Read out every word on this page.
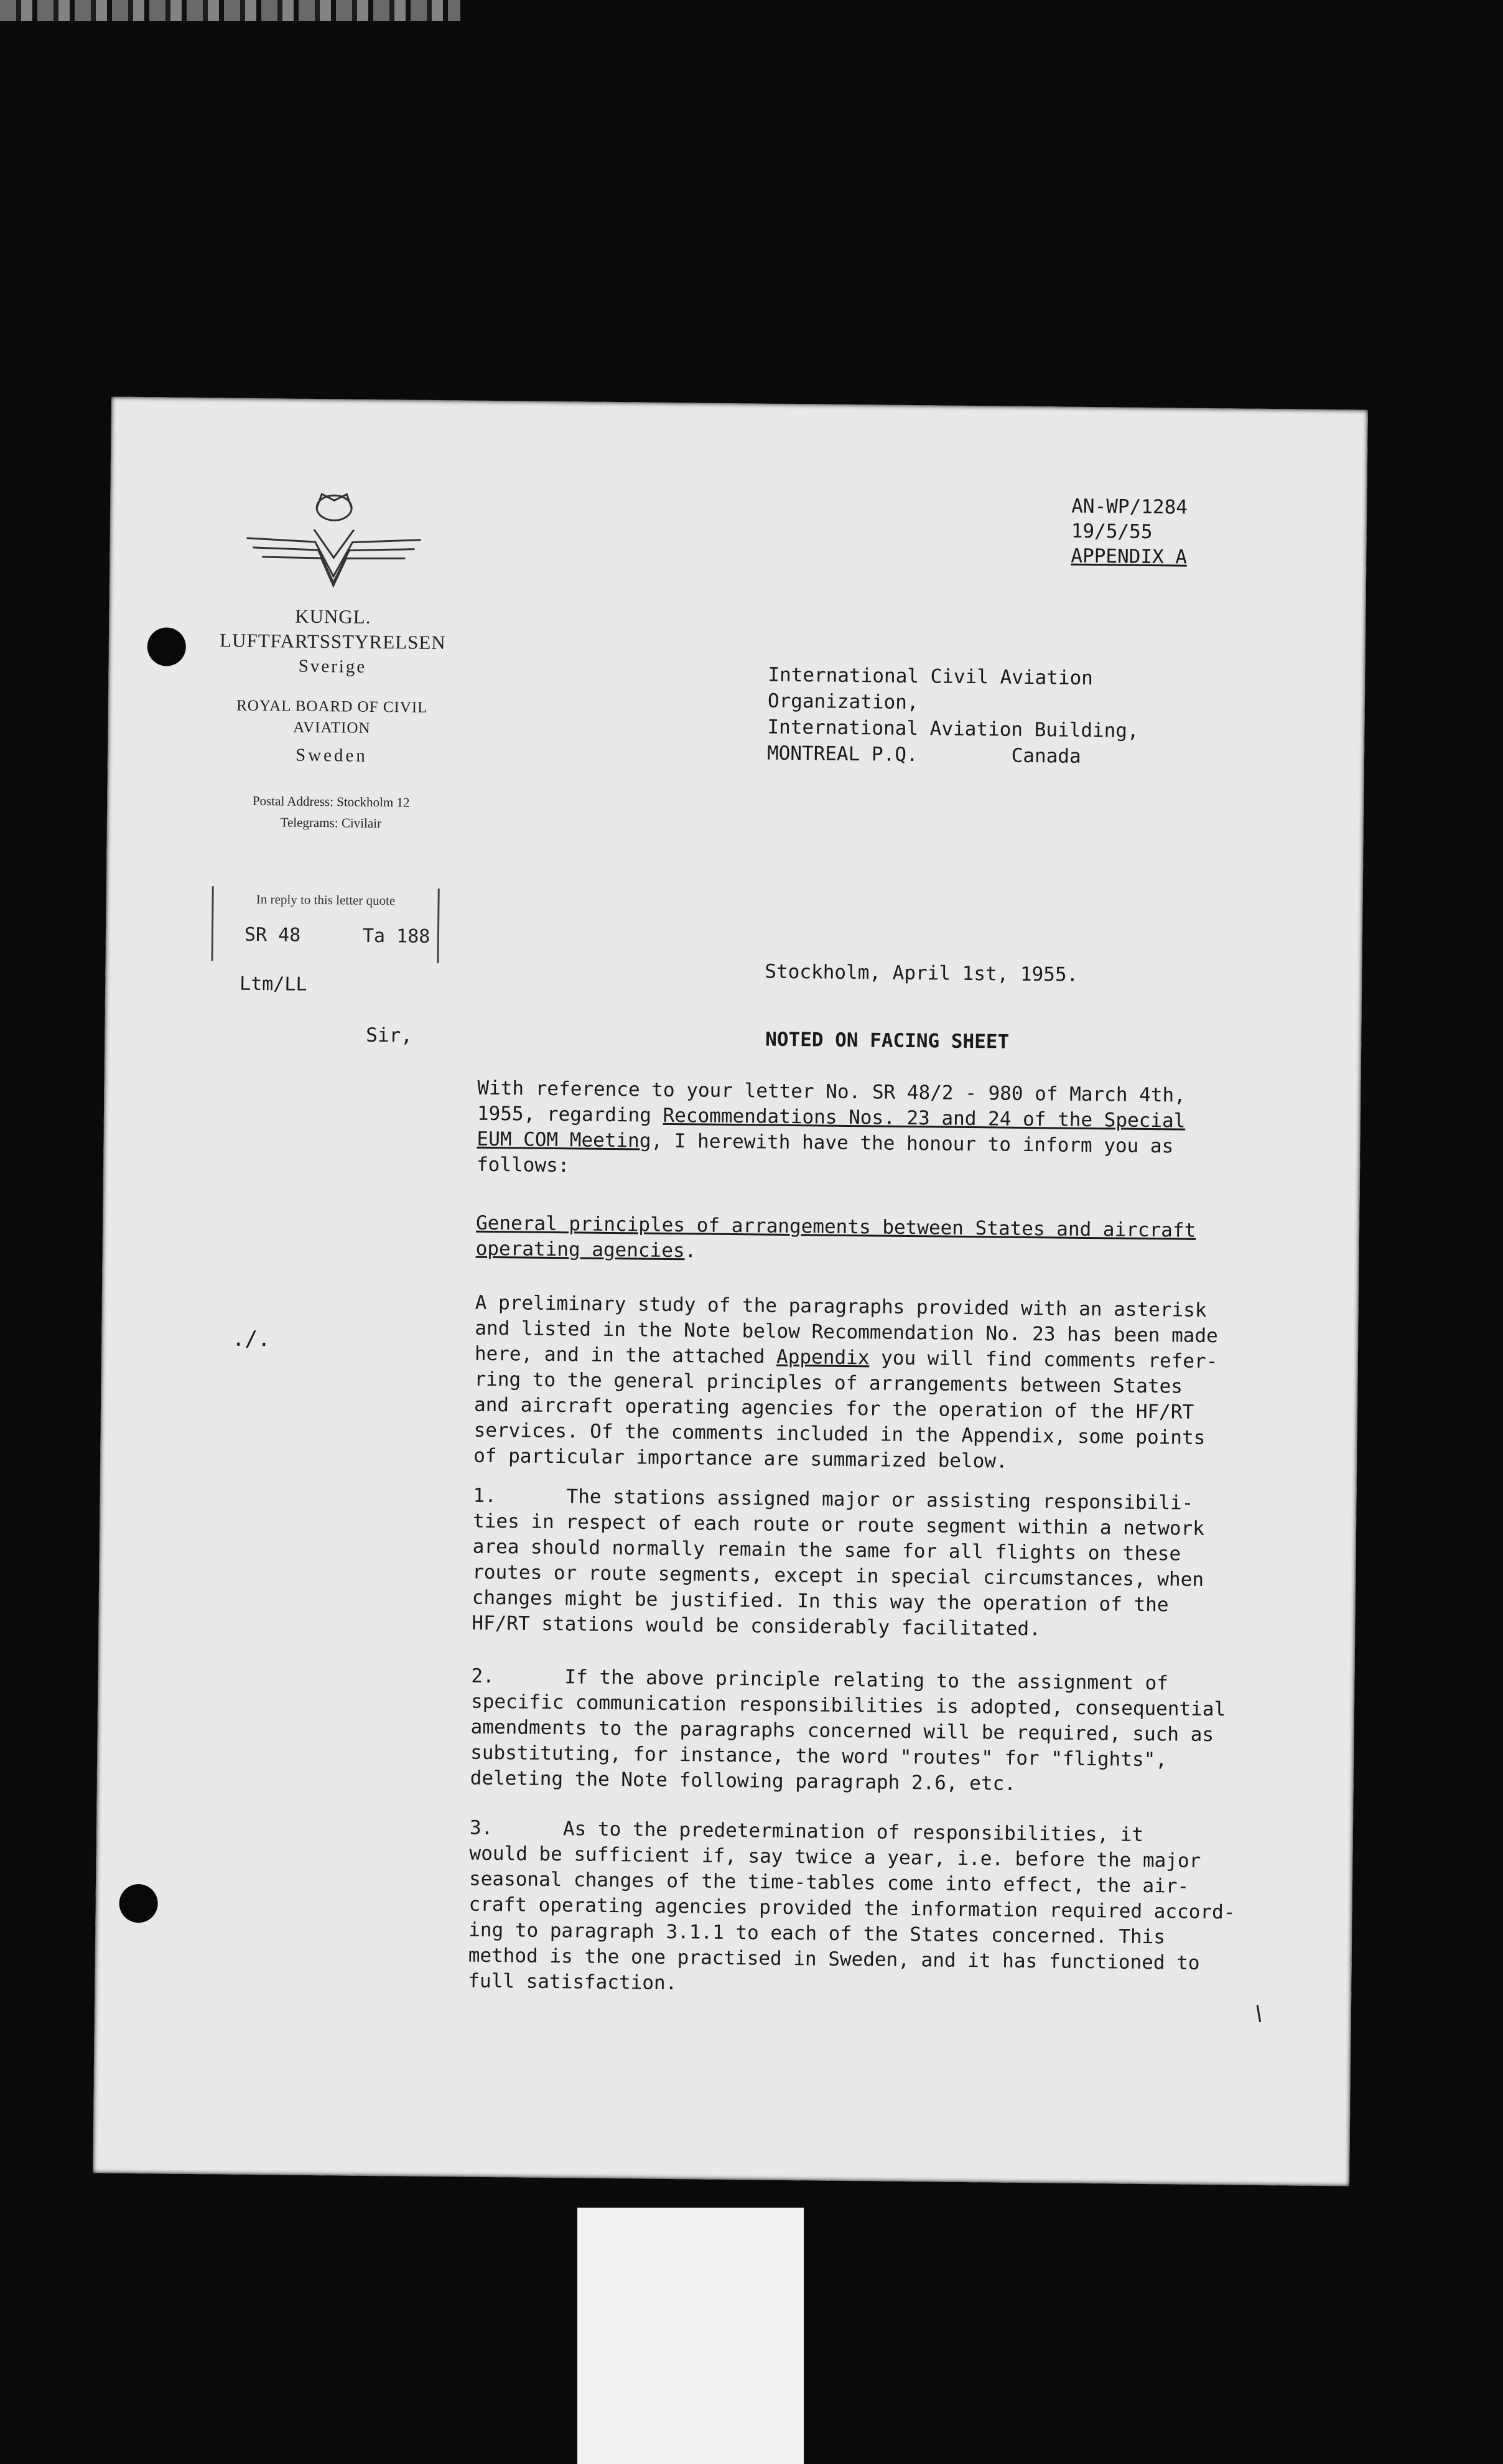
KUNGL.
LUFTFARTSSTYRELSEN
Sverige
ROYAL BOARD OF CIVIL
AVIATION
Sweden
Postal Address: Stockholm 12
Telegrams: Civilair
In reply to this letter quote
SR 48	Ta 188
Ltm/LL
AN-WP/1284
19/5/55
APPENDIX A
International Civil Aviation
Organization,
International Aviation Building,
MONTREAL P.Q.	Canada
Stockholm, April 1st, 1955.
Sir,	NOTED ON FACING SHEET
./.
With reference to your letter No. SR 48/2 - 980 of March 4th,
1955, regarding Recommendations Nos. 23 and 24 of the Special
EUM COM Meeting, I herewith have the honour to inform you as
follows:
General principles of arrangements between States and aircraft
operating agencies.
A preliminary study of the paragraphs provided with an asterisk
and listed in the Note below Recommendation No. 23 has been made
here, and in the attached Appendix you will find comments refer-
ring to the general principles of arrangements between States
and aircraft operating agencies for the operation of the HF/RT
services. Of the comments included in the Appendix, some points
of particular importance are summarized below.
1.	The stations assigned major or assisting responsibili-
ties in respect of each route or route segment within a network
area should normally remain the same for all flights on these
routes or route segments, except in special circumstances, when
changes might be justified. In this way the operation of the
HF/RT stations would be considerably facilitated.
2.	If the above principle relating to the assignment of
specific communication responsibilities is adopted, consequential
amendments to the paragraphs concerned will be required, such as
substituting, for instance, the word "routes" for "flights",
deleting the Note following paragraph 2.6, etc.
3.	As to the predetermination of responsibilities, it
would be sufficient if, say twice a year, i.e. before the major
seasonal changes of the time-tables come into effect, the air-
craft operating agencies provided the information required accord-
ing to paragraph 3.1.1 to each of the States concerned. This
method is the one practised in Sweden, and it has functioned to
full satisfaction.
